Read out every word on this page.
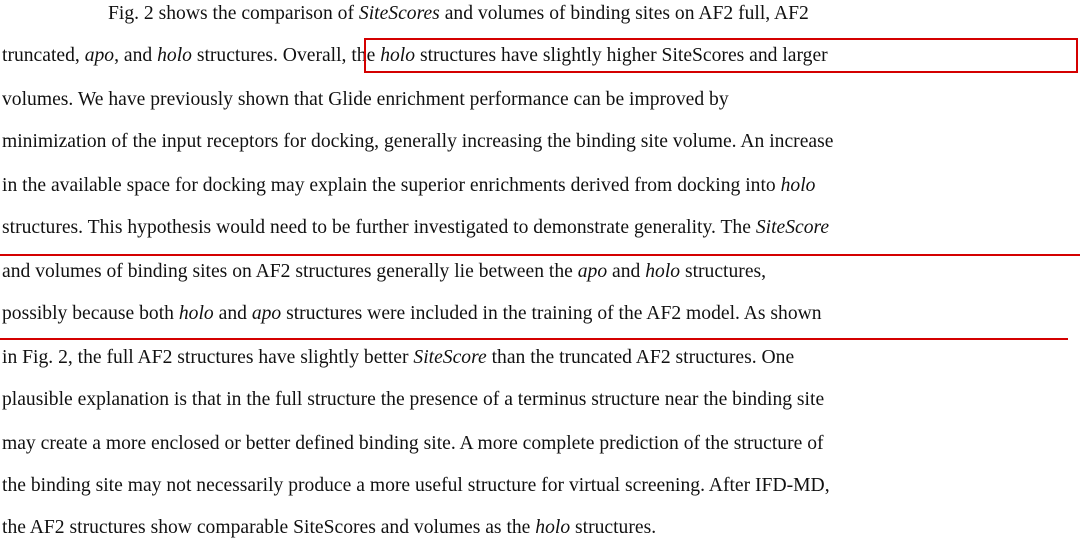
Fig. 2 shows the comparison of SiteScores and volumes of binding sites on AF2 full, AF2
truncated, apo, and holo structures. Overall, the holo structures have slightly higher SiteScores and larger
volumes. We have previously shown that Glide enrichment performance can be improved by
minimization of the input receptors for docking, generally increasing the binding site volume. An increase
in the available space for docking may explain the superior enrichments derived from docking into holo
structures. This hypothesis would need to be further investigated to demonstrate generality. The SiteScore
and volumes of binding sites on AF2 structures generally lie between the apo and holo structures,
possibly because both holo and apo structures were included in the training of the AF2 model. As shown
in Fig. 2, the full AF2 structures have slightly better SiteScore than the truncated AF2 structures. One
plausible explanation is that in the full structure the presence of a terminus structure near the binding site
may create a more enclosed or better defined binding site. A more complete prediction of the structure of
the binding site may not necessarily produce a more useful structure for virtual screening. After IFD-MD,
the AF2 structures show comparable SiteScores and volumes as the holo structures.
